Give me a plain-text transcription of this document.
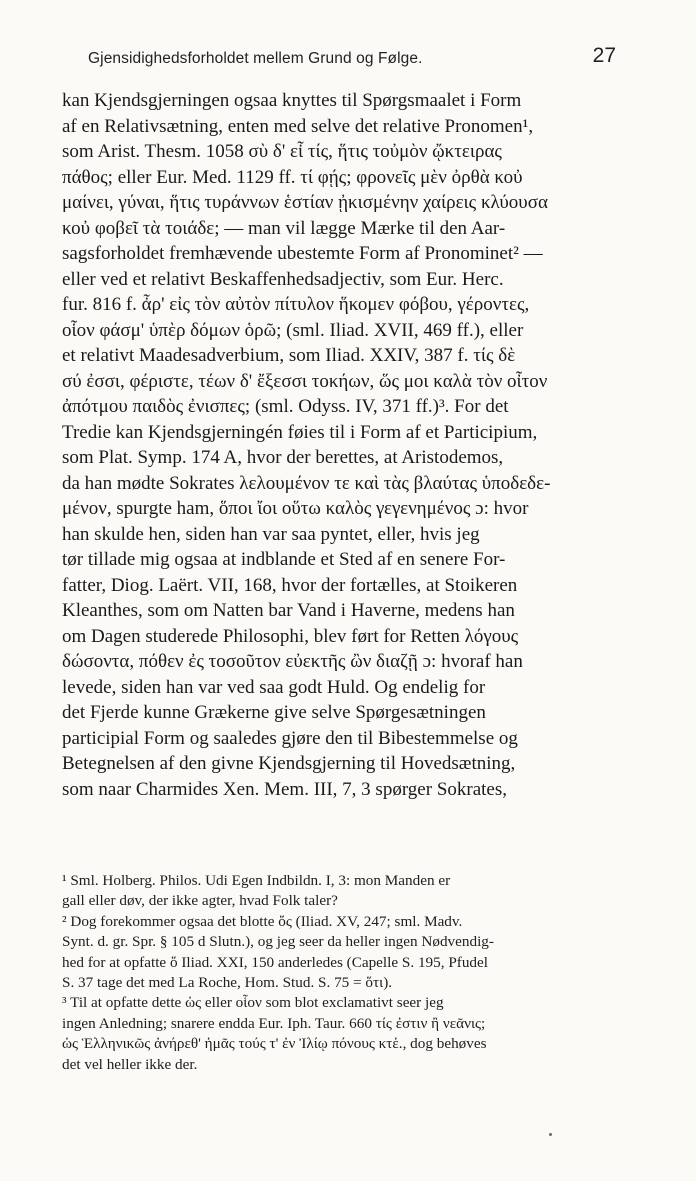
Gjensidighedsforholdet mellem Grund og Følge.	27
kan Kjendsgjerningen ogsaa knyttes til Spørgsmaalet i Form
af en Relativsætning, enten med selve det relative Pronomen¹,
som Arist. Thesm. 1058 σὺ δ' εἶ τίς, ἥτις τοὐμὸν ᾤκτειρας
πάθος; eller Eur. Med. 1129 ff. τί φῄς; φρονεῖς μὲν ὀρθὰ κοὐ
μαίνει, γύναι, ἥτις τυράννων ἑστίαν ᾐκισμένην χαίρεις κλύουσα
κοὐ φοβεῖ τὰ τοιάδε; — man vil lægge Mærke til den Aar-
sagsforholdet fremhævende ubestemte Form af Pronominet² —
eller ved et relativt Beskaffenhedsadjectiv, som Eur. Herc.
fur. 816 f. ἆρ' εἰς τὸν αὐτὸν πίτυλον ἥκομεν φόβου, γέροντες,
οἷον φάσμ' ὑπὲρ δόμων ὁρῶ; (sml. Iliad. XVII, 469 ff.), eller
et relativt Maadesadverbium, som Iliad. XXIV, 387 f. τίς δὲ
σύ ἐσσι, φέριστε, τέων δ' ἔξεσσι τοκήων, ὥς μοι καλὰ τὸν οἶτον
ἀπότμου παιδὸς ἐνισπες; (sml. Odyss. IV, 371 ff.)³. For det
Tredie kan Kjendsgjerningén føies til i Form af et Participium,
som Plat. Symp. 174 A, hvor der berettes, at Aristodemos,
da han mødte Sokrates λελουμένον τε καὶ τὰς βλαύτας ὑποδεδε-
μένον, spurgte ham, ὅποι ἴοι οὕτω καλὸς γεγενημένος ɔ: hvor
han skulde hen, siden han var saa pyntet, eller, hvis jeg
tør tillade mig ogsaa at indblande et Sted af en senere For-
fatter, Diog. Laërt. VII, 168, hvor der fortælles, at Stoikeren
Kleanthes, som om Natten bar Vand i Haverne, medens han
om Dagen studerede Philosophi, blev ført for Retten λόγους
δώσοντα, πόθεν ἐς τοσοῦτον εὐεκτῆς ὢν διαζῇ ɔ: hvoraf han
levede, siden han var ved saa godt Huld. Og endelig for
det Fjerde kunne Grækerne give selve Spørgesætningen
participial Form og saaledes gjøre den til Bibestemmelse og
Betegnelsen af den givne Kjendsgjerning til Hovedsætning,
som naar Charmides Xen. Mem. III, 7, 3 spørger Sokrates,
¹ Sml. Holberg. Philos. Udi Egen Indbildn. I, 3: mon Manden er
gall eller døv, der ikke agter, hvad Folk taler?
² Dog forekommer ogsaa det blotte ὅς (Iliad. XV, 247; sml. Madv.
Synt. d. gr. Spr. § 105 d Slutn.), og jeg seer da heller ingen Nødvendig-
hed for at opfatte ὅ Iliad. XXI, 150 anderledes (Capelle S. 195, Pfudel
S. 37 tage det med La Roche, Hom. Stud. S. 75 = ὅτι).
³ Til at opfatte dette ὡς eller οἷον som blot exclamativt seer jeg
ingen Anledning; snarere endda Eur. Iph. Taur. 660 τίς ἐστιν ἢ νεᾶνις;
ὡς Ἑλληνικῶς ἀνήρεθ' ἡμᾶς τούς τ' ἐν Ἰλίῳ πόνους κτἑ., dog behøves
det vel heller ikke der.
